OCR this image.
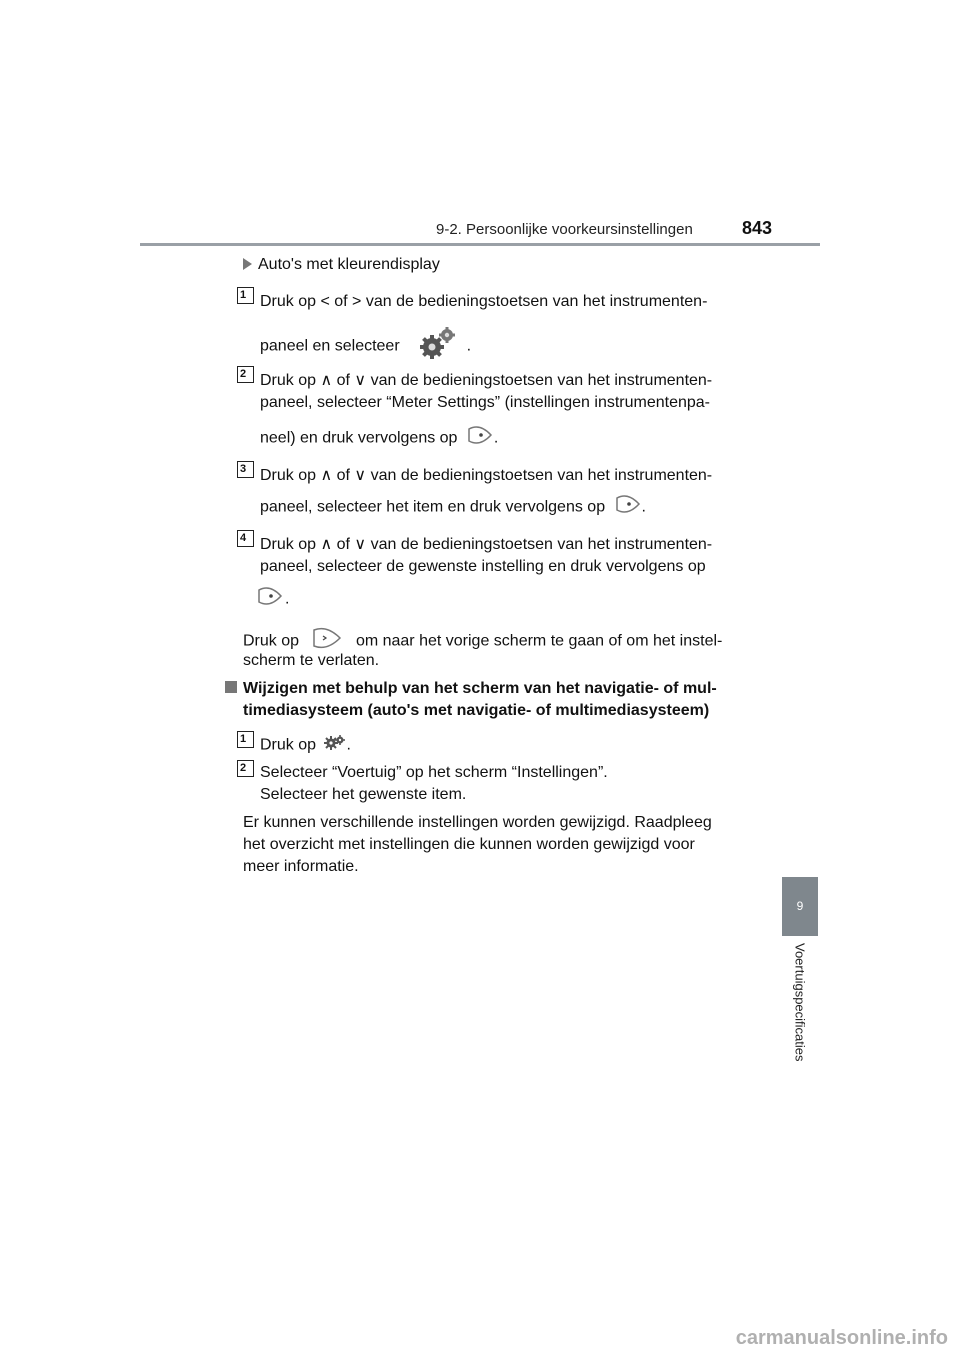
9-2. Persoonlijke voorkeursinstellingen	843
9
Voertuigspecificaties
Auto's met kleurendisplay
1 Druk op < of > van de bedieningstoetsen van het instrumenten-
paneel en selecteer	.
2 Druk op ∧ of ∨ van de bedieningstoetsen van het instrumenten-
paneel, selecteer “Meter Settings” (instellingen instrumentenpa-
neel) en druk vervolgens op .
3 Druk op ∧ of ∨ van de bedieningstoetsen van het instrumenten-
paneel, selecteer het item en druk vervolgens op .
4 Druk op ∧ of ∨ van de bedieningstoetsen van het instrumenten-
paneel, selecteer de gewenste instelling en druk vervolgens op
.
Druk op	om naar het vorige scherm te gaan of om het instel-
scherm te verlaten.
Wijzigen met behulp van het scherm van het navigatie- of mul-
timediasysteem (auto's met navigatie- of multimediasysteem)
1 Druk op .
2 Selecteer “Voertuig” op het scherm “Instellingen”.
Selecteer het gewenste item.
Er kunnen verschillende instellingen worden gewijzigd. Raadpleeg
het overzicht met instellingen die kunnen worden gewijzigd voor
meer informatie.
carmanualsonline.info
